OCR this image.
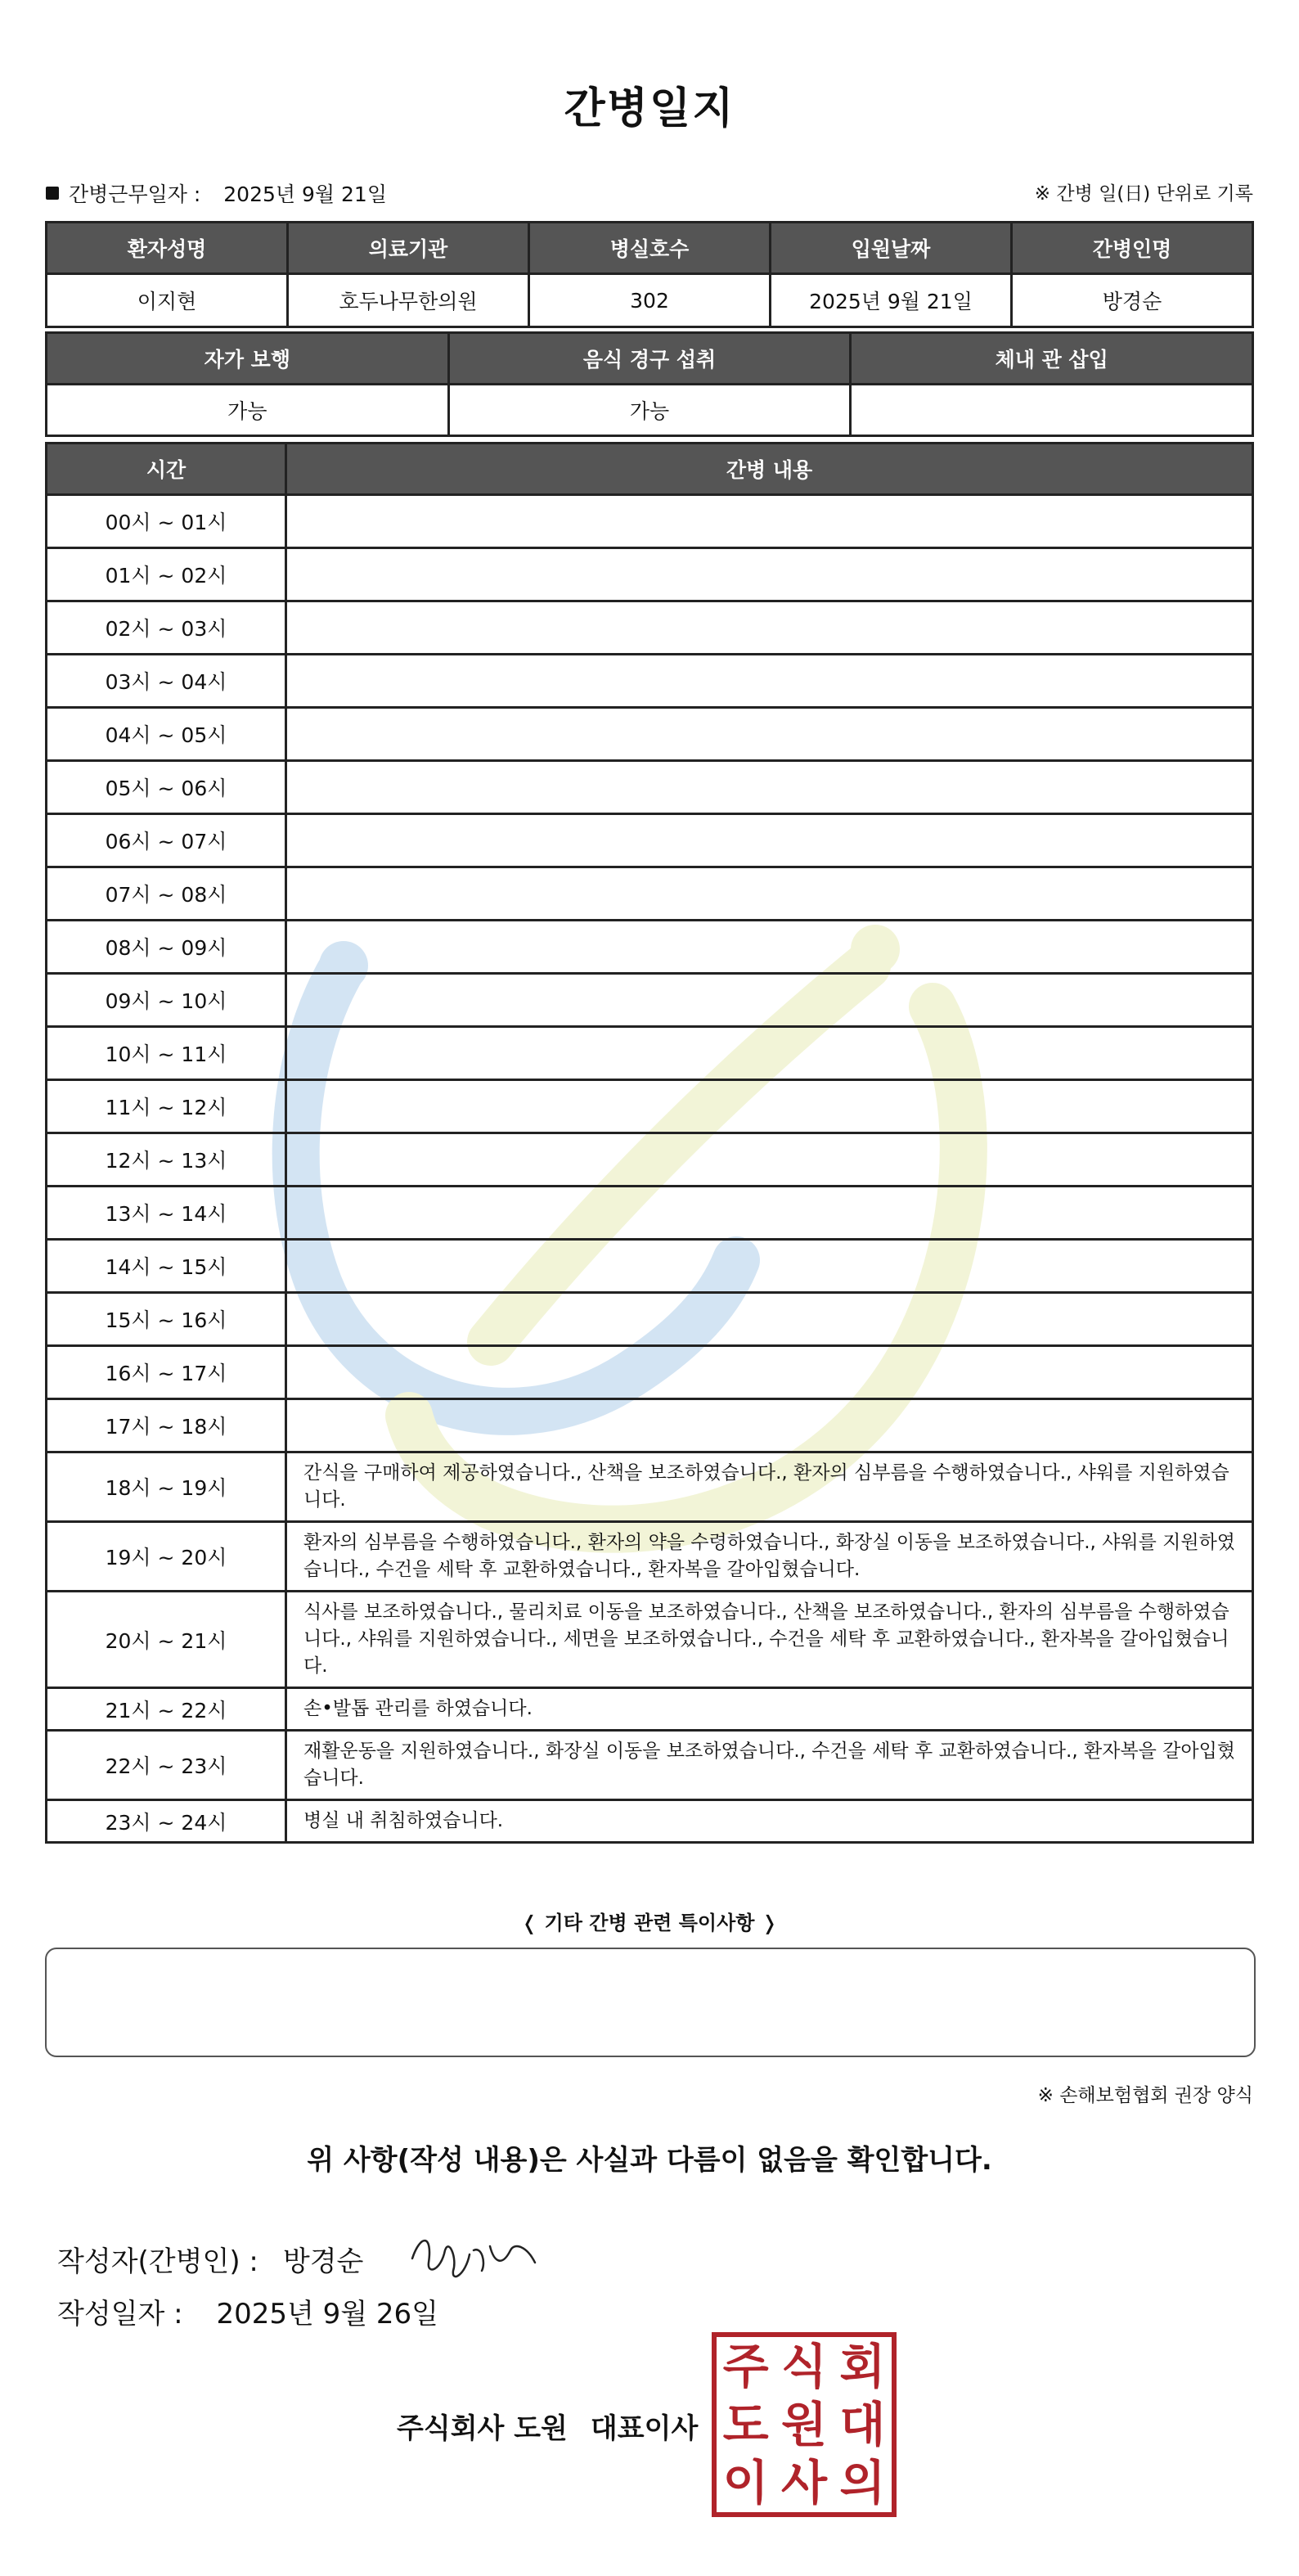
간병일지
간병근무일자 : 2025년 9월 21일	※ 간병 일(日) 단위로 기록
환자성명	의료기관	병실호수	입원날짜	간병인명
이지현	호두나무한의원	302	2025년 9월 21일	방경순
자가 보행	음식 경구 섭취	체내 관 삽입
가능	가능	
시간	간병 내용
00시 ~ 01시	
01시 ~ 02시	
02시 ~ 03시	
03시 ~ 04시	
04시 ~ 05시	
05시 ~ 06시	
06시 ~ 07시	
07시 ~ 08시	
08시 ~ 09시	
09시 ~ 10시	
10시 ~ 11시	
11시 ~ 12시	
12시 ~ 13시	
13시 ~ 14시	
14시 ~ 15시	
15시 ~ 16시	
16시 ~ 17시	
17시 ~ 18시	
18시 ~ 19시	간식을 구매하여 제공하였습니다., 산책을 보조하였습니다., 환자의 심부름을 수행하였습니다., 샤워를 지원하였습니다.
19시 ~ 20시	환자의 심부름을 수행하였습니다., 환자의 약을 수령하였습니다., 화장실 이동을 보조하였습니다., 샤워를 지원하였습니다., 수건을 세탁 후 교환하였습니다., 환자복을 갈아입혔습니다.
20시 ~ 21시	식사를 보조하였습니다., 물리치료 이동을 보조하였습니다., 산책을 보조하였습니다., 환자의 심부름을 수행하였습니다., 샤워를 지원하였습니다., 세면을 보조하였습니다., 수건을 세탁 후 교환하였습니다., 환자복을 갈아입혔습니다.
21시 ~ 22시	손•발톱 관리를 하였습니다.
22시 ~ 23시	재활운동을 지원하였습니다., 화장실 이동을 보조하였습니다., 수건을 세탁 후 교환하였습니다., 환자복을 갈아입혔습니다.
23시 ~ 24시	병실 내 취침하였습니다.
❬ 기타 간병 관련 특이사항 ❭
※ 손해보험협회 권장 양식
위 사항(작성 내용)은 사실과 다름이 없음을 확인합니다.
작성자(간병인) : 방경순
작성일자 : 2025년 9월 26일
주식회사 도원 대표이사
주 식 회
도 원 대
이 사 의
